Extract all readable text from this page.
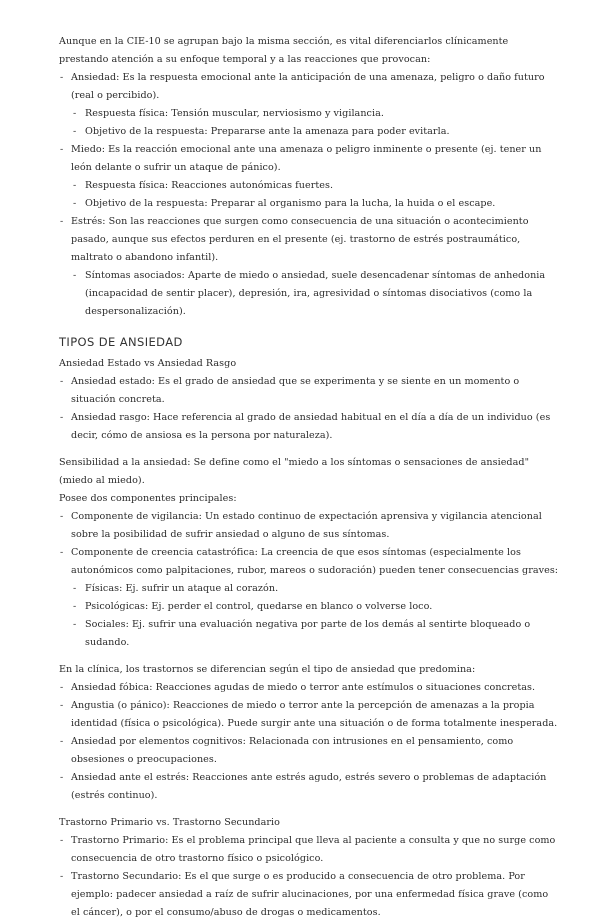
Aunque en la CIE-10 se agrupan bajo la misma sección, es vital diferenciarlos clínicamente prestando atención a su enfoque temporal y a las reacciones que provocan:

- Ansiedad: Es la respuesta emocional ante la anticipación de una amenaza, peligro o daño futuro (real o percibido).
- Respuesta física: Tensión muscular, nerviosismo y vigilancia.
- Objetivo de la respuesta: Prepararse ante la amenaza para poder evitarla.
- Miedo: Es la reacción emocional ante una amenaza o peligro inminente o presente (ej. tener un león delante o sufrir un ataque de pánico).
- Respuesta física: Reacciones autonómicas fuertes.
- Objetivo de la respuesta: Preparar al organismo para la lucha, la huida o el escape.
- Estrés: Son las reacciones que surgen como consecuencia de una situación o acontecimiento pasado, aunque sus efectos perduren en el presente (ej. trastorno de estrés postraumático, maltrato o abandono infantil).
- Síntomas asociados: Aparte de miedo o ansiedad, suele desencadenar síntomas de anhedonia (incapacidad de sentir placer), depresión, ira, agresividad o síntomas disociativos (como la despersonalización).
TIPOS DE ANSIEDAD

Ansiedad Estado vs Ansiedad Rasgo

- Ansiedad estado: Es el grado de ansiedad que se experimenta y se siente en un momento o situación concreta.
- Ansiedad rasgo: Hace referencia al grado de ansiedad habitual en el día a día de un individuo (es decir, cómo de ansiosa es la persona por naturaleza).

Sensibilidad a la ansiedad: Se define como el "miedo a los síntomas o sensaciones de ansiedad" (miedo al miedo).

Posee dos componentes principales:

- Componente de vigilancia: Un estado continuo de expectación aprensiva y vigilancia atencional sobre la posibilidad de sufrir ansiedad o alguno de sus síntomas.
- Componente de creencia catastrófica: La creencia de que esos síntomas (especialmente los autonómicos como palpitaciones, rubor, mareos o sudoración) pueden tener consecuencias graves:
- Físicas: Ej. sufrir un ataque al corazón.
- Psicológicas: Ej. perder el control, quedarse en blanco o volverse loco.
- Sociales: Ej. sufrir una evaluación negativa por parte de los demás al sentirte bloqueado o sudando.

En la clínica, los trastornos se diferencian según el tipo de ansiedad que predomina:

- Ansiedad fóbica: Reacciones agudas de miedo o terror ante estímulos o situaciones concretas.
- Angustia (o pánico): Reacciones de miedo o terror ante la percepción de amenazas a la propia identidad (física o psicológica). Puede surgir ante una situación o de forma totalmente inesperada.
- Ansiedad por elementos cognitivos: Relacionada con intrusiones en el pensamiento, como obsesiones o preocupaciones.
- Ansiedad ante el estrés: Reacciones ante estrés agudo, estrés severo o problemas de adaptación (estrés continuo).

Trastorno Primario vs. Trastorno Secundario

- Trastorno Primario: Es el problema principal que lleva al paciente a consulta y que no surge como consecuencia de otro trastorno físico o psicológico.
- Trastorno Secundario: Es el que surge o es producido a consecuencia de otro problema. Por ejemplo: padecer ansiedad a raíz de sufrir alucinaciones, por una enfermedad física grave (como el cáncer), o por el consumo/abuso de drogas o medicamentos.
